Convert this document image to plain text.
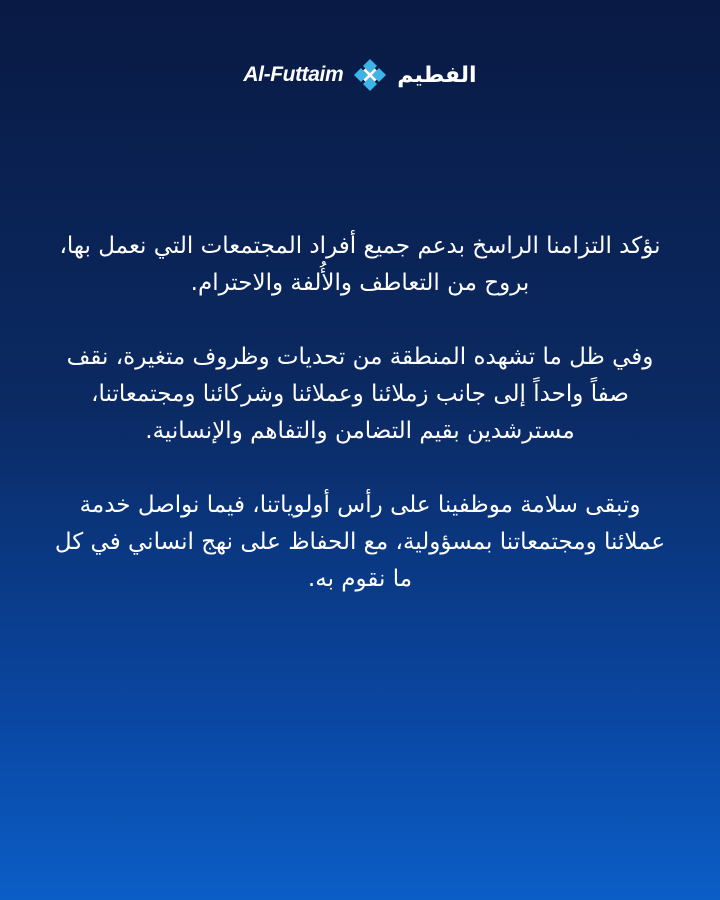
Al-Futtaim الفطيم

نؤكد التزامنا الراسخ بدعم جميع أفراد المجتمعات التي نعمل بها، بروح من التعاطف والأُلفة والاحترام.

وفي ظل ما تشهده المنطقة من تحديات وظروف متغيرة، نقف صفاً واحداً إلى جانب زملائنا وعملائنا وشركائنا ومجتمعاتنا، مسترشدين بقيم التضامن والتفاهم والإنسانية.

وتبقى سلامة موظفينا على رأس أولوياتنا، فيما نواصل خدمة عملائنا ومجتمعاتنا بمسؤولية، مع الحفاظ على نهج انساني في كل ما نقوم به.
